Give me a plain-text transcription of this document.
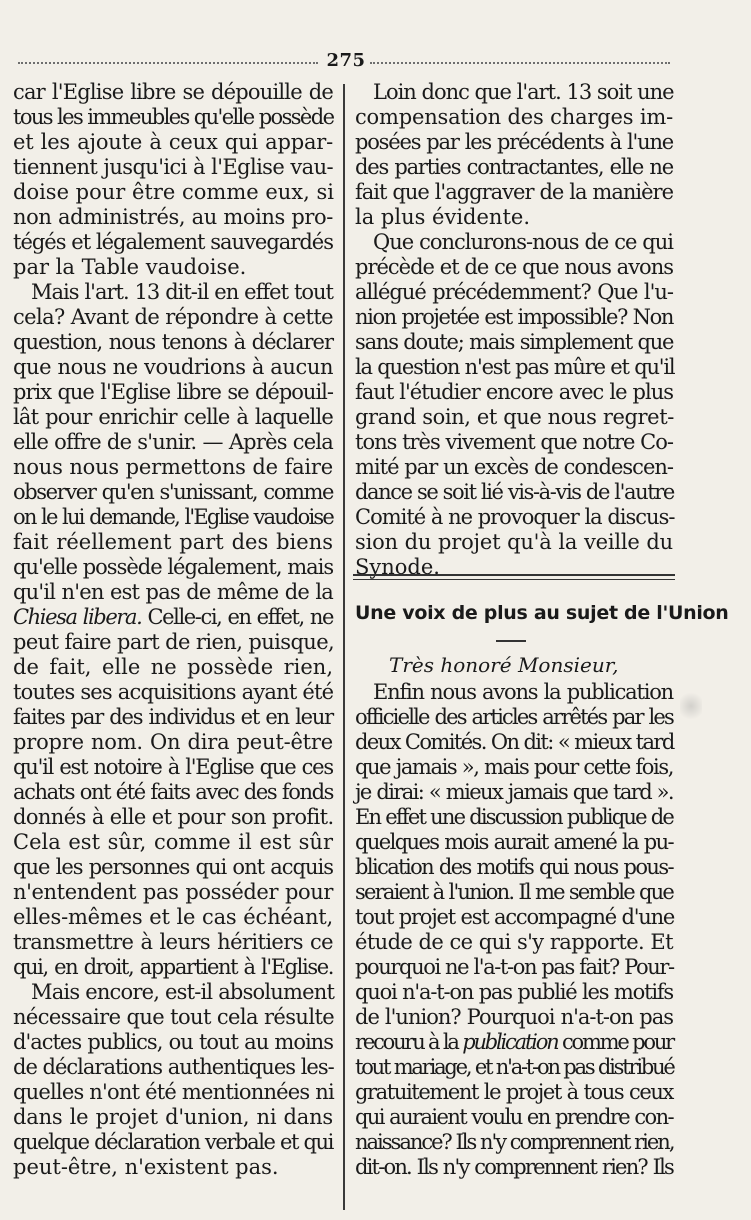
275

car l'Eglise libre se dépouille de

tous les immeubles qu'elle possède

et les ajoute à ceux qui appar-

tiennent jusqu'ici à l'Eglise vau-

doise pour être comme eux, si

non administrés, au moins pro-

tégés et légalement sauvegardés

par la Table vaudoise.

Mais l'art. 13 dit-il en effet tout

cela? Avant de répondre à cette

question, nous tenons à déclarer

que nous ne voudrions à aucun

prix que l'Eglise libre se dépouil-

lât pour enrichir celle à laquelle

elle offre de s'unir. — Après cela

nous nous permettons de faire

observer qu'en s'unissant, comme

on le lui demande, l'Eglise vaudoise

fait réellement part des biens

qu'elle possède légalement, mais

qu'il n'en est pas de même de la

Chiesa libera. Celle-ci, en effet, ne

peut faire part de rien, puisque,

de fait, elle ne possède rien,

toutes ses acquisitions ayant été

faites par des individus et en leur

propre nom. On dira peut-être

qu'il est notoire à l'Eglise que ces

achats ont été faits avec des fonds

donnés à elle et pour son profit.

Cela est sûr, comme il est sûr

que les personnes qui ont acquis

n'entendent pas posséder pour

elles-mêmes et le cas échéant,

transmettre à leurs héritiers ce

qui, en droit, appartient à l'Eglise.

Mais encore, est-il absolument

nécessaire que tout cela résulte

d'actes publics, ou tout au moins

de déclarations authentiques les-

quelles n'ont été mentionnées ni

dans le projet d'union, ni dans

quelque déclaration verbale et qui

peut-être, n'existent pas.

Loin donc que l'art. 13 soit une

compensation des charges im-

posées par les précédents à l'une

des parties contractantes, elle ne

fait que l'aggraver de la manière

la plus évidente.

Que conclurons-nous de ce qui

précède et de ce que nous avons

allégué précédemment? Que l'u-

nion projetée est impossible? Non

sans doute; mais simplement que

la question n'est pas mûre et qu'il

faut l'étudier encore avec le plus

grand soin, et que nous regret-

tons très vivement que notre Co-

mité par un excès de condescen-

dance se soit lié vis-à-vis de l'autre

Comité à ne provoquer la discus-

sion du projet qu'à la veille du

Synode.

Une voix de plus au sujet de l'Union
Très honoré Monsieur,

Enfin nous avons la publication

officielle des articles arrêtés par les

deux Comités. On dit: « mieux tard

que jamais », mais pour cette fois,

je dirai: « mieux jamais que tard ».

En effet une discussion publique de

quelques mois aurait amené la pu-

blication des motifs qui nous pous-

seraient à l'union. Il me semble que

tout projet est accompagné d'une

étude de ce qui s'y rapporte. Et

pourquoi ne l'a-t-on pas fait? Pour-

quoi n'a-t-on pas publié les motifs

de l'union? Pourquoi n'a-t-on pas

recouru à la publication comme pour

tout mariage, et n'a-t-on pas distribué

gratuitement le projet à tous ceux

qui auraient voulu en prendre con-

naissance? Ils n'y comprennent rien,

dit-on. Ils n'y comprennent rien? Ils
